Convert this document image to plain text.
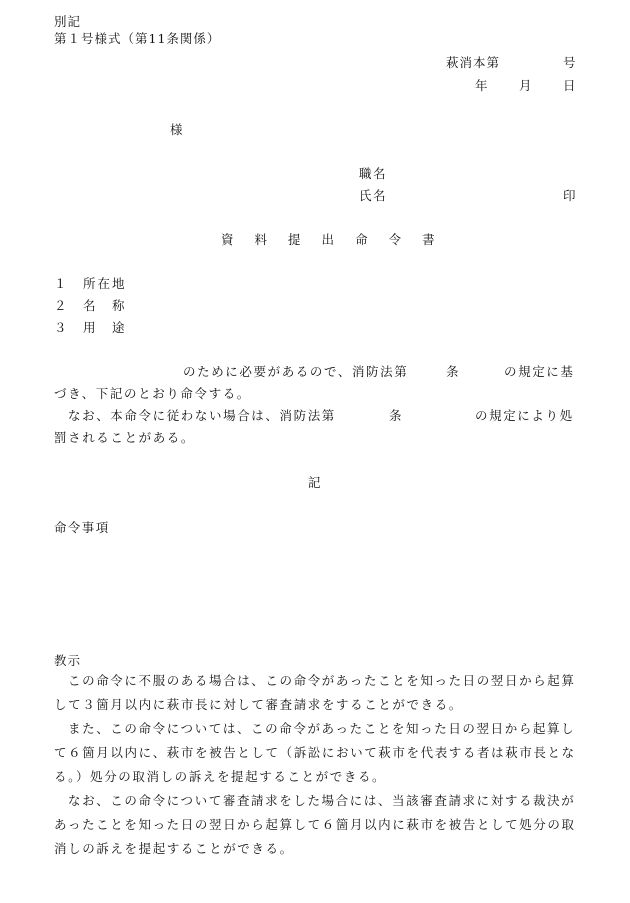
別記
第１号様式（第11条関係）
萩消本第	号
年 月 日
様
職名
氏名	印
資 料 提 出 命 令 書
１ 所在地
２ 名　称
３ 用　途
のために必要があるので、消防法第	条	の規定に基
づき、下記のとおり命令する。
なお、本命令に従わない場合は、消防法第	条	の規定により処
罰されることがある。
記
命令事項
教示

この命令に不服のある場合は、この命令があったことを知った日の翌日から起算して３箇月以内に萩市長に対して審査請求をすることができる。

また、この命令については、この命令があったことを知った日の翌日から起算して６箇月以内に、萩市を被告として（訴訟において萩市を代表する者は萩市長となる。）処分の取消しの訴えを提起することができる。

なお、この命令について審査請求をした場合には、当該審査請求に対する裁決があったことを知った日の翌日から起算して６箇月以内に萩市を被告として処分の取消しの訴えを提起することができる。
